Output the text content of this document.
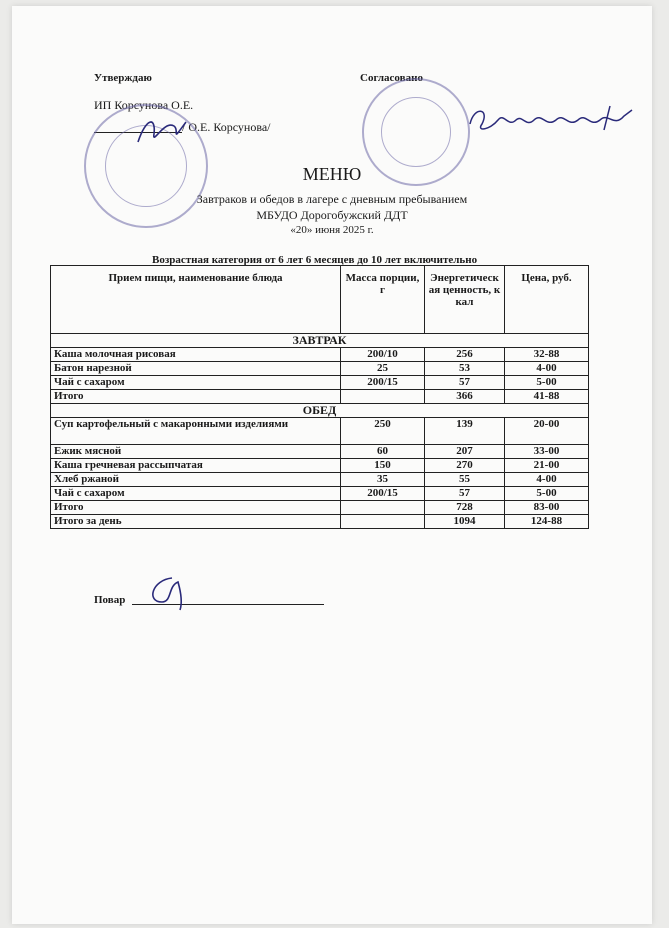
Утверждаю
ИП Корсунова О.Е.
/ О.Е. Корсунова/
Согласовано
МЕНЮ
Завтраков и обедов в лагере с дневным пребыванием
МБУДО Дорогобужский ДДТ
«20» июня 2025 г.
Возрастная категория от 6 лет 6 месяцев до 10 лет включительно
Повар
Прием пищи, наименование блюда	Масса порции, г	Энергетическая ценность, ккал	Цена, руб.
ЗАВТРАК			
Каша молочная рисовая	200/10	256	32-88
Батон нарезной	25	53	4-00
Чай с сахаром	200/15	57	5-00
Итого		366	41-88
ОБЕД			
Суп картофельный с макаронными изделиями	250	139	20-00
Ежик мясной	60	207	33-00
Каша гречневая рассыпчатая	150	270	21-00
Хлеб ржаной	35	55	4-00
Чай с сахаром	200/15	57	5-00
Итого		728	83-00
Итого за день		1094	124-88
